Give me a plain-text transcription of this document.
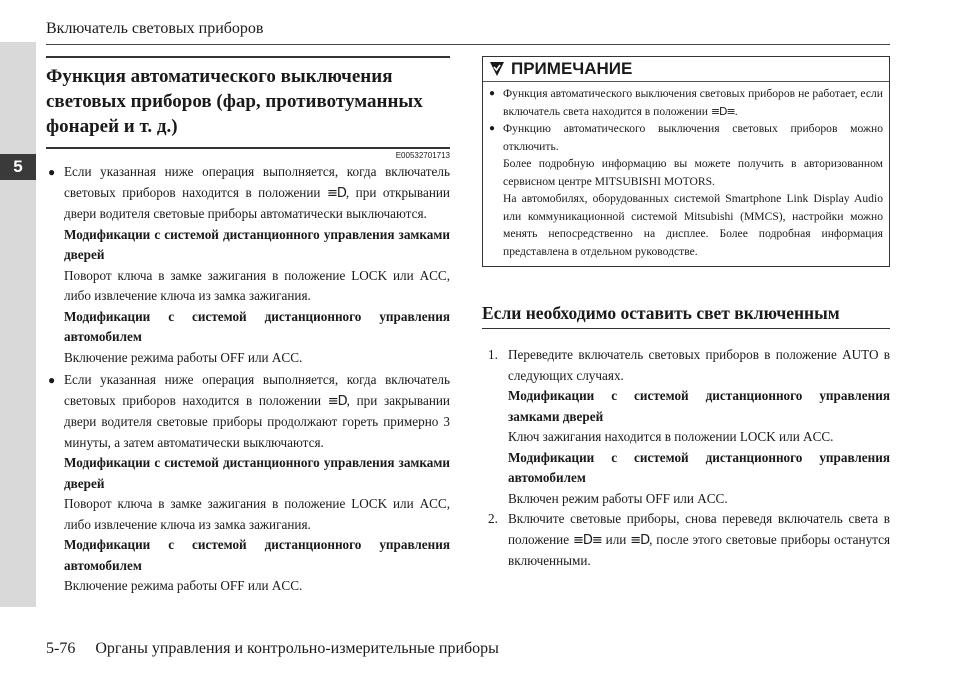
5
Включатель световых приборов
Функция автоматического выключения световых приборов (фар, противотуманных фонарей и т. д.)
E00532701713
● Если указанная ниже операция выполняется, когда включатель световых приборов находится в положении ≡D, при открывании двери водителя световые приборы автоматически выключаются.
Модификации с системой дистанционного управления замками дверей
Поворот ключа в замке зажигания в положение LOCK или ACC, либо извлечение ключа из замка зажигания.
Модификации с системой дистанционного управления автомобилем
Включение режима работы OFF или ACC.
● Если указанная ниже операция выполняется, когда включатель световых приборов находится в положении ≡D, при закрывании двери водителя световые приборы продолжают гореть примерно 3 минуты, а затем автоматически выключаются.
Модификации с системой дистанционного управления замками дверей
Поворот ключа в замке зажигания в положение LOCK или ACC, либо извлечение ключа из замка зажигания.
Модификации с системой дистанционного управления автомобилем
Включение режима работы OFF или ACC.
ПРИМЕЧАНИЕ
● Функция автоматического выключения световых приборов не работает, если включатель света находится в положении ≡D≡.
● Функцию автоматического выключения световых приборов можно отключить.
Более подробную информацию вы можете получить в авторизованном сервисном центре MITSUBISHI MOTORS.
На автомобилях, оборудованных системой Smartphone Link Display Audio или коммуникационной системой Mitsubishi (MMCS), настройки можно менять непосредственно на дисплее. Более подробная информация представлена в отдельном руководстве.
Если необходимо оставить свет включенным
1. Переведите включатель световых приборов в положение AUTO в следующих случаях.
Модификации с системой дистанционного управления замками дверей
Ключ зажигания находится в положении LOCK или ACC.
Модификации с системой дистанционного управления автомобилем
Включен режим работы OFF или ACC.
2. Включите световые приборы, снова переведя включатель света в положение ≡D≡ или ≡D, после этого световые приборы останутся включенными.
5-76 Органы управления и контрольно-измерительные приборы
